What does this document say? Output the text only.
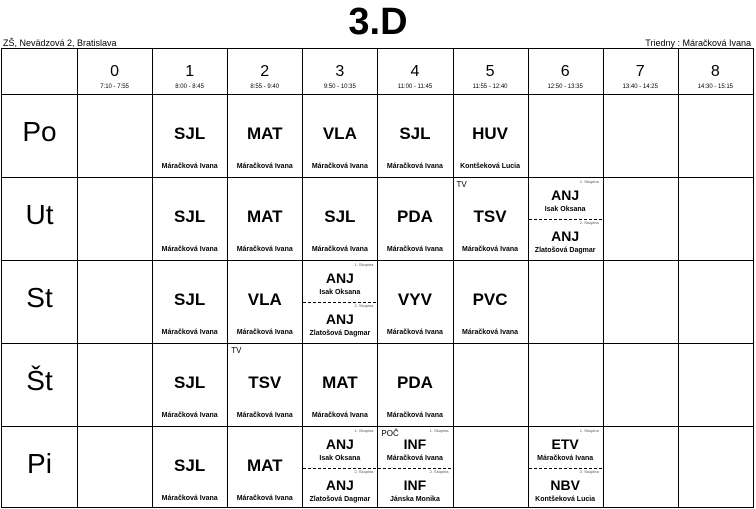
3.D
ZŠ, Nevädzová 2, Bratislava	Triedny : Máračková Ivana
0
7:10 - 7:55
1
8:00 - 8:45
2
8:55 - 9:40
3
9:50 - 10:35
4
11:00 - 11:45
5
11:55 - 12:40
6
12:50 - 13:35
7
13:40 - 14:25
8
14:30 - 15:15
Po
Ut
St
Št
Pi
SJL
Máračková Ivana
MAT
Máračková Ivana
VLA
Máračková Ivana
SJL
Máračková Ivana
HUV
Kontšeková Lucia
SJL
Máračková Ivana
MAT
Máračková Ivana
SJL
Máračková Ivana
PDA
Máračková Ivana
TV
TSV
Máračková Ivana
1. Skupina
ANJ
Isak Oksana
2. Skupina
ANJ
Zlatošová Dagmar
SJL
Máračková Ivana
VLA
Máračková Ivana
1. Skupina
ANJ
Isak Oksana
2. Skupina
ANJ
Zlatošová Dagmar
VYV
Máračková Ivana
PVC
Máračková Ivana
SJL
Máračková Ivana
TV
TSV
Máračková Ivana
MAT
Máračková Ivana
PDA
Máračková Ivana
SJL
Máračková Ivana
MAT
Máračková Ivana
1. Skupina
ANJ
Isak Oksana
2. Skupina
ANJ
Zlatošová Dagmar
1. Skupina
POČ
INF
Máračková Ivana
2. Skupina
INF
Jánska Monika
1. Skupina
ETV
Máračková Ivana
2. Skupina
NBV
Kontšeková Lucia
